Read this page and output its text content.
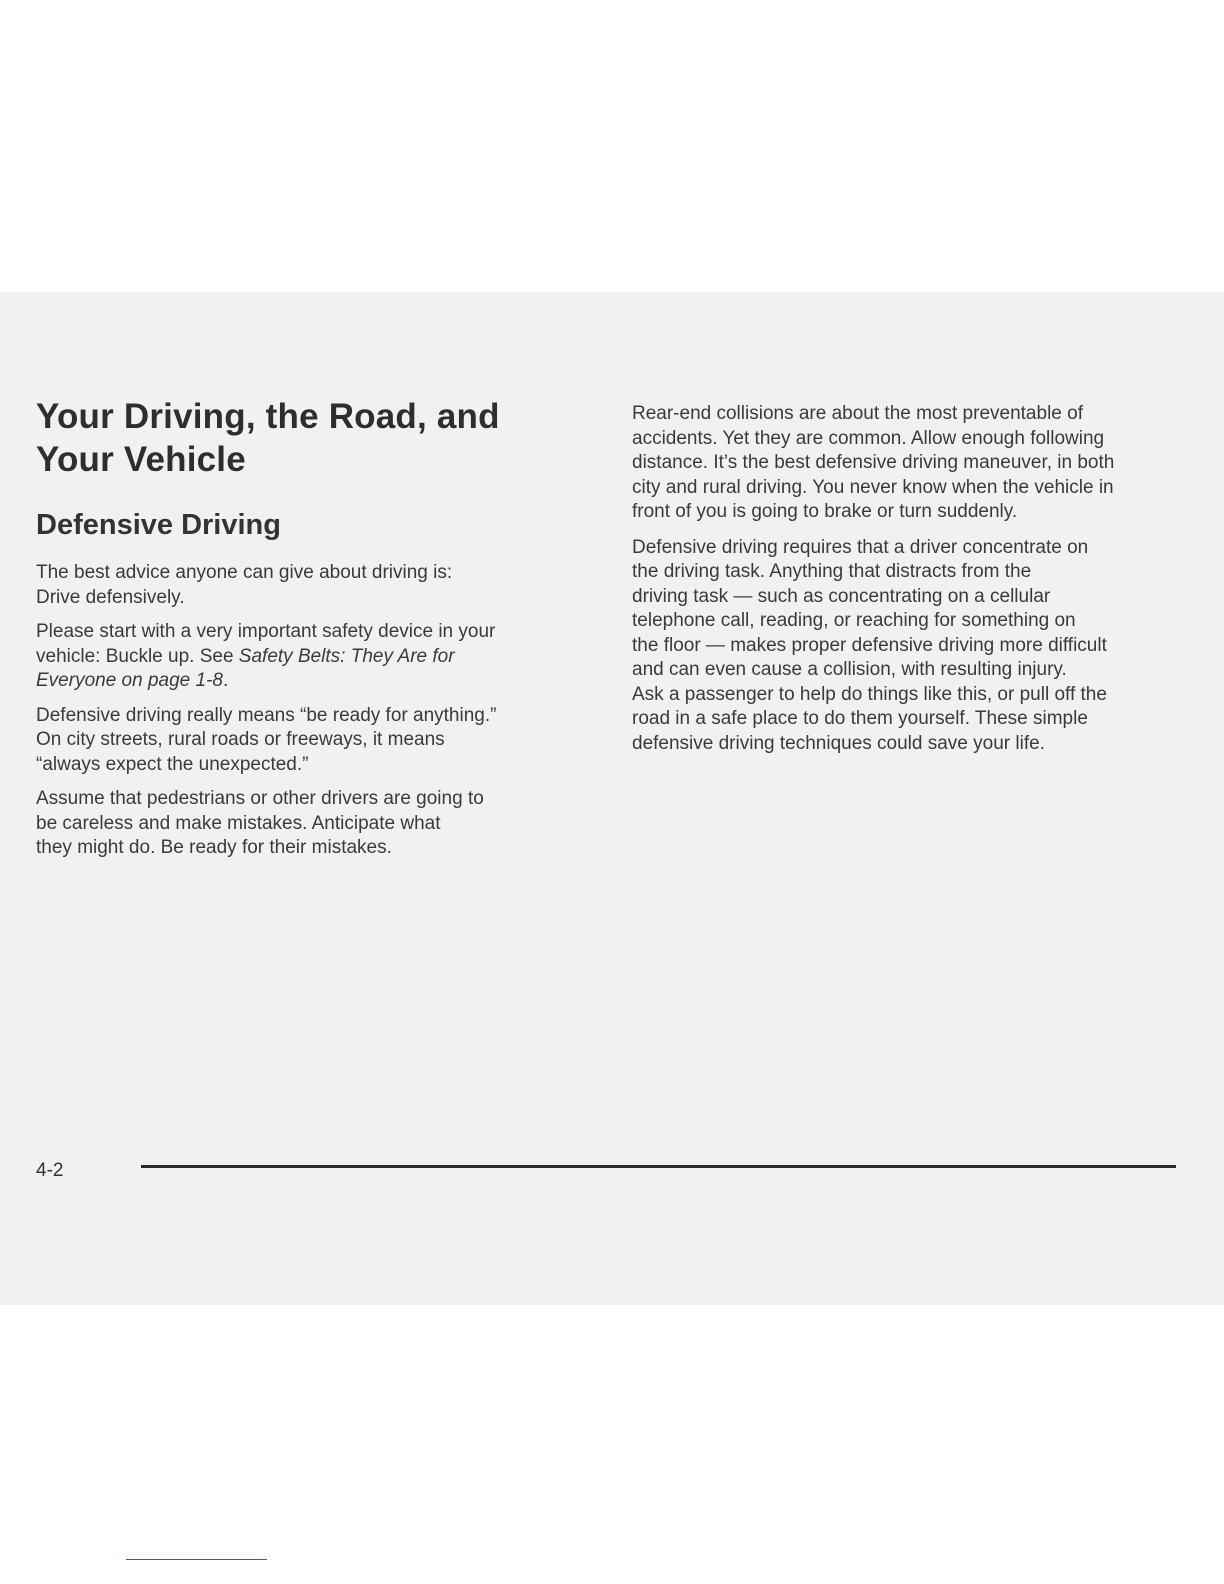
Your Driving, the Road, and
Your Vehicle
Defensive Driving

The best advice anyone can give about driving is:
Drive defensively.

Please start with a very important safety device in your
vehicle: Buckle up. See Safety Belts: They Are for
Everyone on page 1-8.

Defensive driving really means “be ready for anything.”
On city streets, rural roads or freeways, it means
“always expect the unexpected.”

Assume that pedestrians or other drivers are going to
be careless and make mistakes. Anticipate what
they might do. Be ready for their mistakes.

Rear-end collisions are about the most preventable of
accidents. Yet they are common. Allow enough following
distance. It’s the best defensive driving maneuver, in both
city and rural driving. You never know when the vehicle in
front of you is going to brake or turn suddenly.

Defensive driving requires that a driver concentrate on
the driving task. Anything that distracts from the
driving task — such as concentrating on a cellular
telephone call, reading, or reaching for something on
the floor — makes proper defensive driving more difficult
and can even cause a collision, with resulting injury.
Ask a passenger to help do things like this, or pull off the
road in a safe place to do them yourself. These simple
defensive driving techniques could save your life.

4-2
